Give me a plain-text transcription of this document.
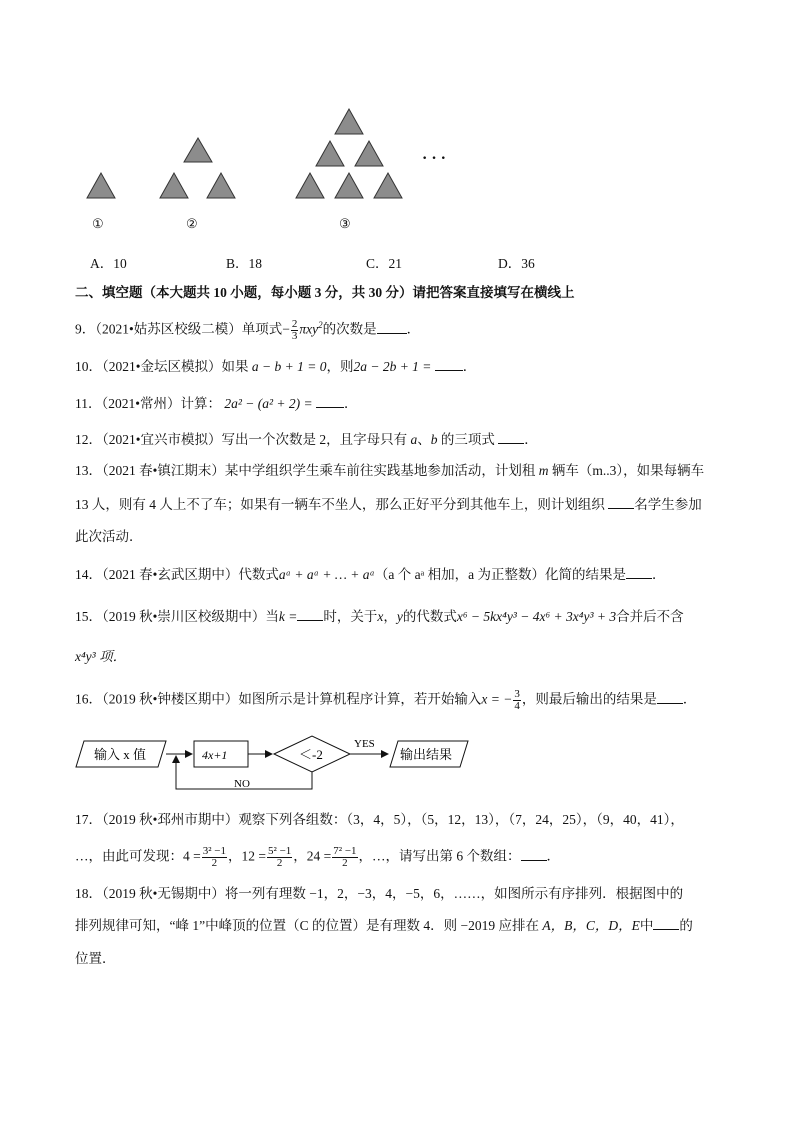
· · ·
①	②	③
A．10	B．18	C．21	D．36
二、填空题（本大题共 10 小题，每小题 3 分，共 30 分）请把答案直接填写在横线上
9．（2021•姑苏区校级二模）单项式− $\frac{2}{3} \pi xy^2$的次数是 ．
10．（2021•金坛区模拟）如果 a − b + 1 = 0，则2a − 2b + 1 = ．
11．（2021•常州）计算： 2a² − (a² + 2) = ．
12．（2021•宜兴市模拟）写出一个次数是 2，且字母只有 a、b 的三项式 ．
13．（2021 春•镇江期末）某中学组织学生乘车前往实践基地参加活动，计划租 m 辆车（m..3），如果每辆车
13 人，则有 4 人上不了车；如果有一辆车不坐人，那么正好平分到其他车上，则计划组织 名学生参加
此次活动．
14．（2021 春•玄武区期中）代数式aᵃ + aᵃ + … + aᵃ（a 个 aᵃ 相加，a 为正整数）化简的结果是 ．
15．（2019 秋•崇川区校级期中）当k = 时，关于x，y的代数式x⁶ − 5kx⁴y³ − 4x⁶ + 3x⁴y³ + 3合并后不含
x⁴y³ 项．
16．（2019 秋•钟楼区期中）如图所示是计算机程序计算，若开始输入x = − $\frac{3}{4}$ ，则最后输出的结果是 ．
输入 x 值	4x+1	＜-2
YES
输出结果
NO
17．（2019 秋•邳州市期中）观察下列各组数：（3，4，5），（5，12，13），（7，24，25），（9，40，41），
…，由此可发现：$4 = \frac{\text{3² −1}}{2}$ ，$12 = \frac{\text{5² −1}}{2}$ ，$24 = \frac{\text{7² −1}}{2}$ ，…，请写出第 6 个数组： ．
18．（2019 秋•无锡期中）将一列有理数 −1，2，−3，4，−5，6，……，如图所示有序排列．根据图中的
排列规律可知，“峰 1”中峰顶的位置（C 的位置）是有理数 4．则 −2019 应排在 A，B，C，D，E中 的
位置．
